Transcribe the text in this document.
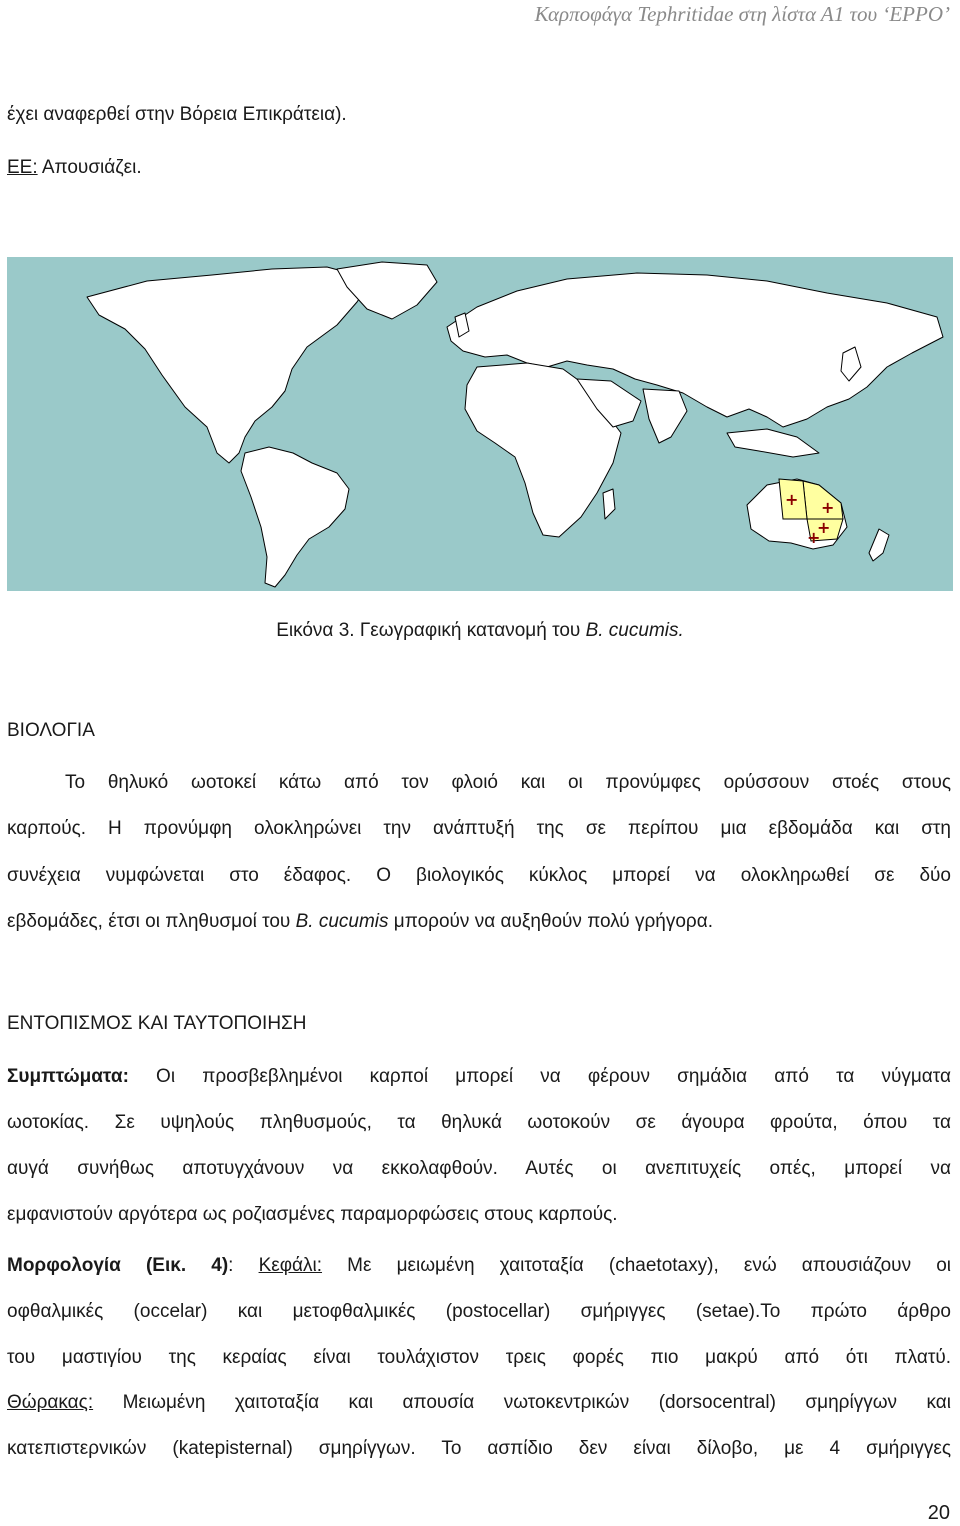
Καρποφάγα Tephritidae στη λίστα Α1 του ‘EPPO’
έχει αναφερθεί στην Βόρεια Επικράτεια).
ΕΕ: Απουσιάζει.
+ +
+
+
Εικόνα 3. Γεωγραφική κατανομή του B. cucumis.
ΒΙΟΛΟΓΙΑ
Το θηλυκό ωοτοκεί κάτω από τον φλοιό και οι προνύμφες ορύσσουν στοές στους
καρπούς. Η προνύμφη ολοκληρώνει την ανάπτυξή της σε περίπου μια εβδομάδα και στη
συνέχεια νυμφώνεται στο έδαφος. Ο βιολογικός κύκλος μπορεί να ολοκληρωθεί σε δύο
εβδομάδες, έτσι οι πληθυσμοί του B. cucumis μπορούν να αυξηθούν πολύ γρήγορα.
ΕΝΤΟΠΙΣΜΟΣ ΚΑΙ ΤΑΥΤΟΠΟΙΗΣΗ
Συμπτώματα: Οι προσβεβλημένοι καρποί μπορεί να φέρουν σημάδια από τα νύγματα
ωοτοκίας. Σε υψηλούς πληθυσμούς, τα θηλυκά ωοτοκούν σε άγουρα φρούτα, όπου τα
αυγά συνήθως αποτυγχάνουν να εκκολαφθούν. Αυτές οι ανεπιτυχείς οπές, μπορεί να
εμφανιστούν αργότερα ως ροζιασμένες παραμορφώσεις στους καρπούς.
Μορφολογία (Εικ. 4): Κεφάλι: Με μειωμένη χαιτοταξία (chaetotaxy), ενώ απουσιάζουν οι
οφθαλμικές (occelar) και μετοφθαλμικές (postocellar) σμήριγγες (setae).Το πρώτο άρθρο
του μαστιγίου της κεραίας είναι τουλάχιστον τρεις φορές πιο μακρύ από ότι πλατύ.
Θώρακας: Μειωμένη χαιτοταξία και απουσία νωτοκεντρικών (dorsocentral) σμηρίγγων και
κατεπιστερνικών (katepisternal) σμηρίγγων. Το ασπίδιο δεν είναι δίλοβο, με 4 σμήριγγες
20
